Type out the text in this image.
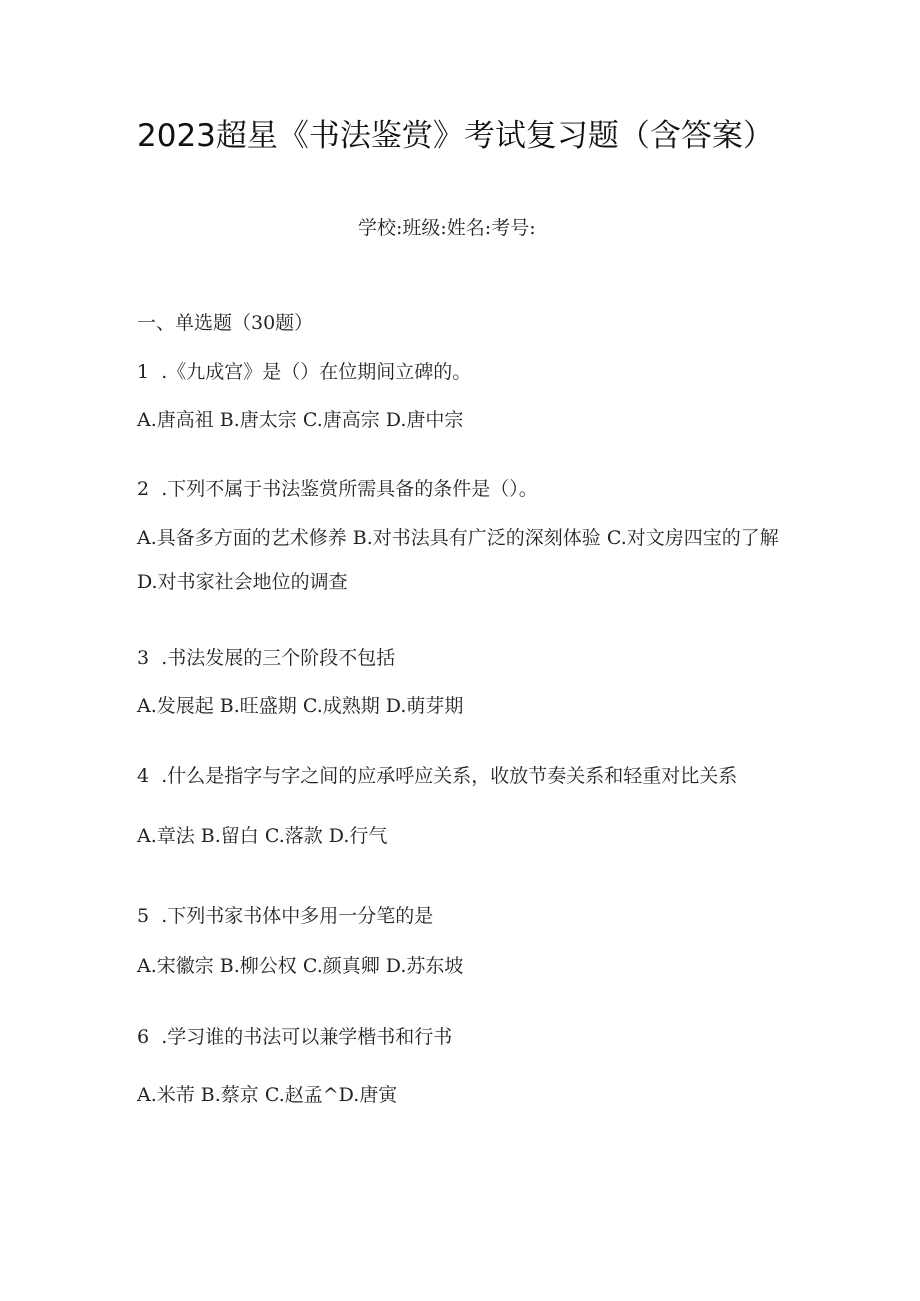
2023超星《书法鉴赏》考试复习题（含答案）
学校:班级:姓名:考号:
一、单选题（30题）
1 .《九成宫》是（）在位期间立碑的。
A.唐高祖 B.唐太宗 C.唐高宗 D.唐中宗
2 .下列不属于书法鉴赏所需具备的条件是（）。
A.具备多方面的艺术修养 B.对书法具有广泛的深刻体验 C.对文房四宝的了解 D.对书家社会地位的调查
3 .书法发展的三个阶段不包括
A.发展起 B.旺盛期 C.成熟期 D.萌芽期
4 .什么是指字与字之间的应承呼应关系，收放节奏关系和轻重对比关系
A.章法 B.留白 C.落款 D.行气
5 .下列书家书体中多用一分笔的是
A.宋徽宗 B.柳公权 C.颜真卿 D.苏东坡
6 .学习谁的书法可以兼学楷书和行书
A.米芾 B.蔡京 C.赵孟^D.唐寅
